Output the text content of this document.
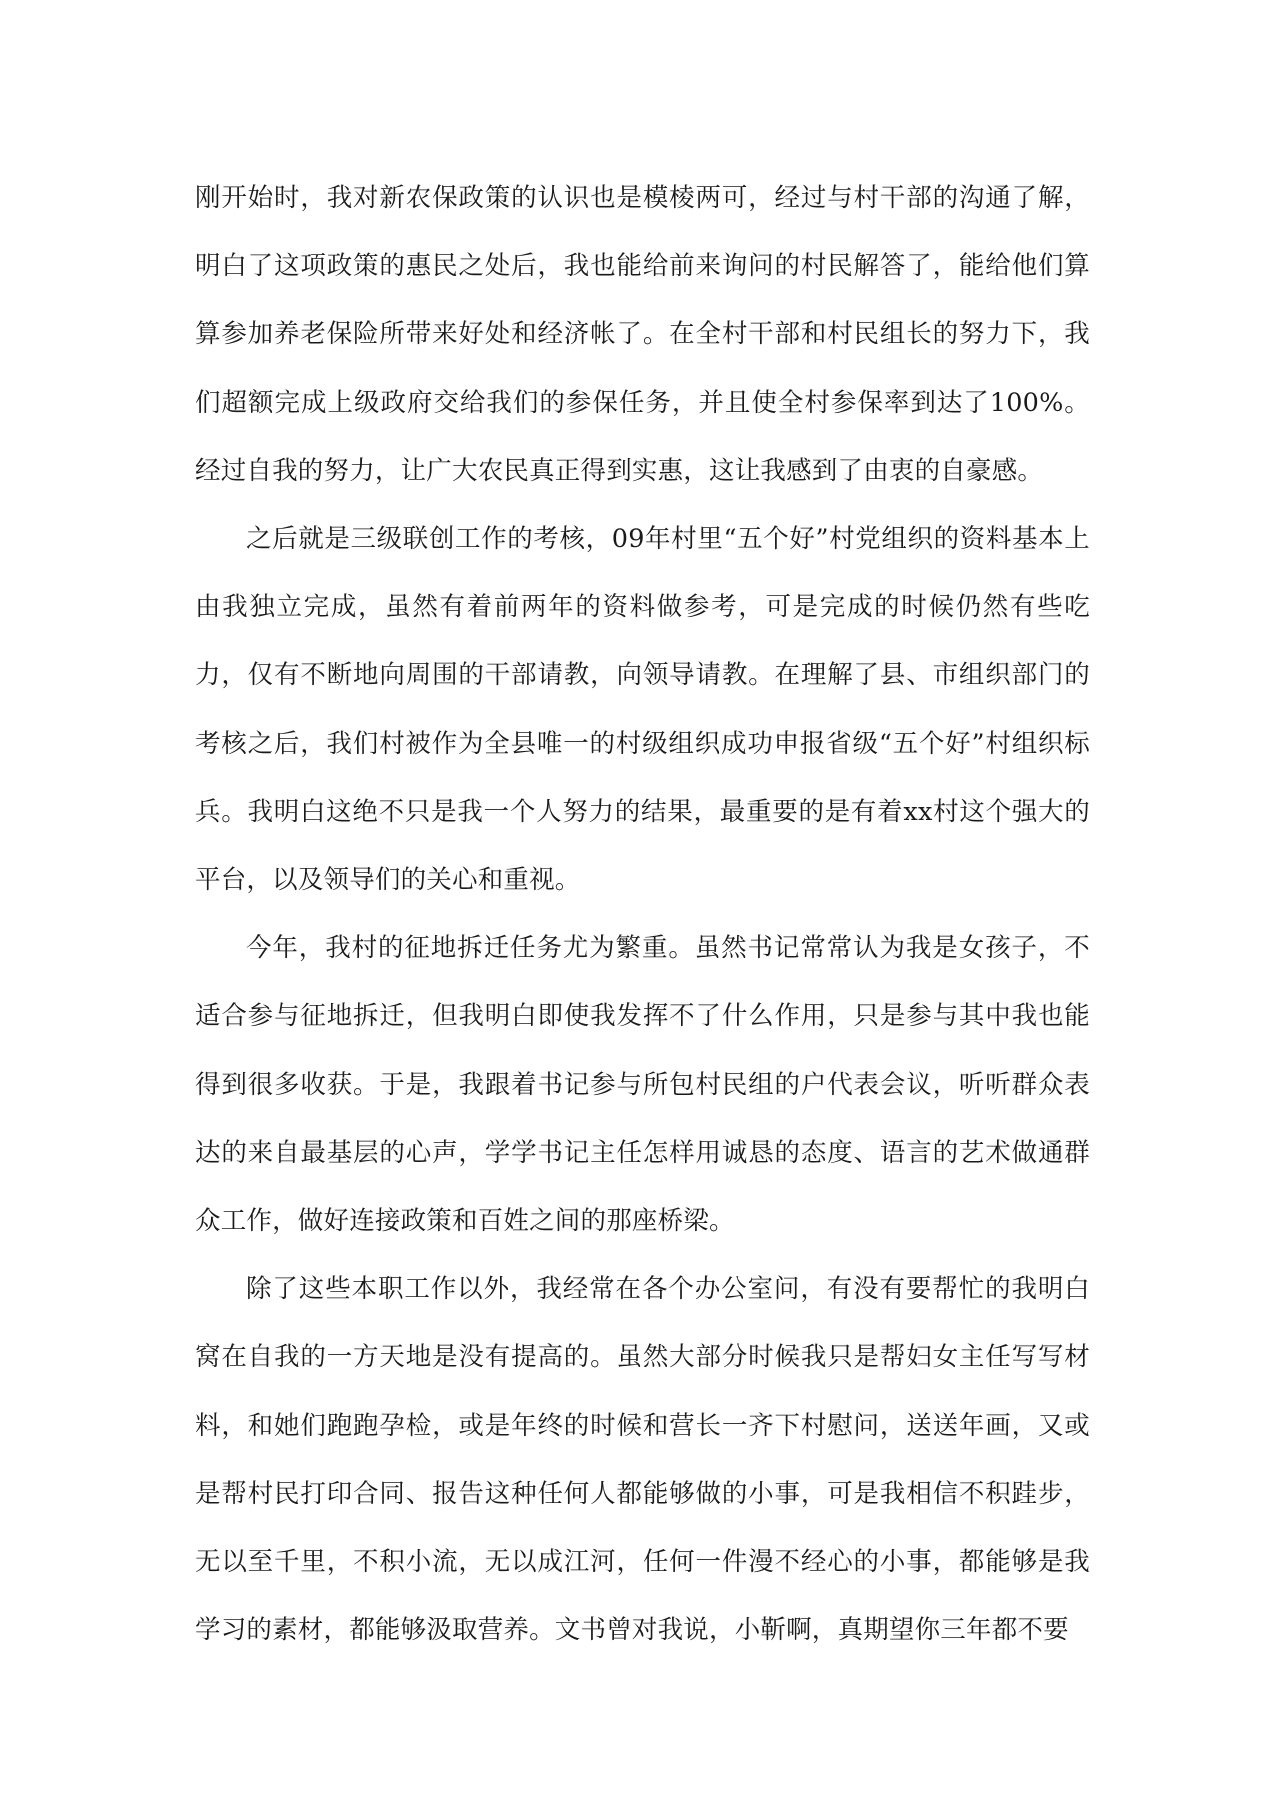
刚开始时，我对新农保政策的认识也是模棱两可，经过与村干部的沟通了解，明白了这项政策的惠民之处后，我也能给前来询问的村民解答了，能给他们算算参加养老保险所带来好处和经济帐了。在全村干部和村民组长的努力下，我们超额完成上级政府交给我们的参保任务，并且使全村参保率到达了100%。经过自我的努力，让广大农民真正得到实惠，这让我感到了由衷的自豪感。

之后就是三级联创工作的考核，09年村里“五个好”村党组织的资料基本上由我独立完成，虽然有着前两年的资料做参考，可是完成的时候仍然有些吃力，仅有不断地向周围的干部请教，向领导请教。在理解了县、市组织部门的考核之后，我们村被作为全县唯一的村级组织成功申报省级“五个好”村组织标兵。我明白这绝不只是我一个人努力的结果，最重要的是有着xx村这个强大的平台，以及领导们的关心和重视。

今年，我村的征地拆迁任务尤为繁重。虽然书记常常认为我是女孩子，不适合参与征地拆迁，但我明白即使我发挥不了什么作用，只是参与其中我也能得到很多收获。于是，我跟着书记参与所包村民组的户代表会议，听听群众表达的来自最基层的心声，学学书记主任怎样用诚恳的态度、语言的艺术做通群众工作，做好连接政策和百姓之间的那座桥梁。

除了这些本职工作以外，我经常在各个办公室问，有没有要帮忙的我明白窝在自我的一方天地是没有提高的。虽然大部分时候我只是帮妇女主任写写材料，和她们跑跑孕检，或是年终的时候和营长一齐下村慰问，送送年画，又或是帮村民打印合同、报告这种任何人都能够做的小事，可是我相信不积跬步，无以至千里，不积小流，无以成江河，任何一件漫不经心的小事，都能够是我学习的素材，都能够汲取营养。文书曾对我说，小靳啊，真期望你三年都不要
